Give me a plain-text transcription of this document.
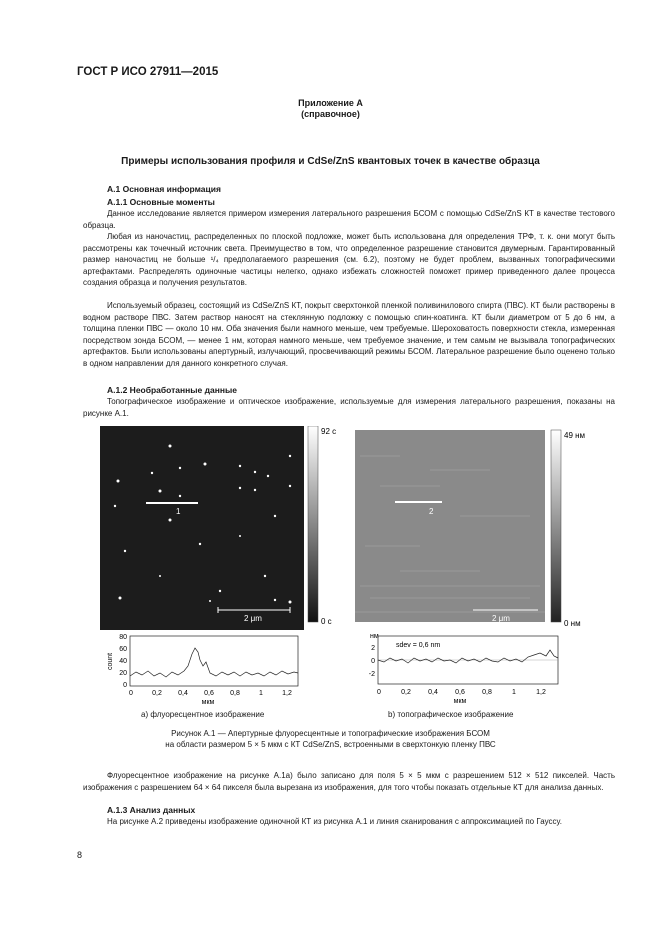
ГОСТ Р ИСО 27911—2015
Приложение А
(справочное)
Примеры использования профиля и CdSe/ZnS квантовых точек в качестве образца
А.1 Основная информация
А.1.1 Основные моменты
Данное исследование является примером измерения латерального разрешения БСОМ с помощью CdSe/ZnS КТ в качестве тестового образца.
Любая из наночастиц, распределенных по плоской подложке, может быть использована для определения ТРФ, т. к. они могут быть рассмотрены как точечный источник света. Преимущество в том, что определенное разрешение становится двумерным. Гарантированный размер наночастиц не больше ¹/₄ предполагаемого разрешения (см. 6.2), поэтому не будет проблем, вызванных топографическими артефактами. Распределять одиночные частицы нелегко, однако избежать сложностей поможет пример приведенного далее процесса создания образца и получения результатов.
Используемый образец, состоящий из CdSe/ZnS КТ, покрыт сверхтонкой пленкой поливинилового спирта (ПВС). КТ были растворены в водном растворе ПВС. Затем раствор наносят на стеклянную подложку с помощью спин-коатинга. КТ были диаметром от 5 до 6 нм, а толщина пленки ПВС — около 10 нм. Оба значения были намного меньше, чем требуемые. Шероховатость поверхности стекла, измеренная посредством зонда БСОМ, — менее 1 нм, которая намного меньше, чем требуемое значение, и тем самым не вызывала топографических артефактов. Были использованы апертурный, излучающий, просвечивающий режимы БСОМ. Латеральное разрешение было оценено только в одном направлении для данного конкретного случая.
А.1.2 Необработанные данные
Топографическое изображение и оптическое изображение, используемые для измерения латерального разрешения, показаны на рисунке А.1.
1
2 μm
92 c
0 c
count
80
60
40
20
0
0	0,2 0,4 0,6 0,8	1	1,2
мкм
2
2 μm
49 нм
0 нм
нм
sdev = 0,6 nm
2
0
-2
0	0,2 0,4 0,6 0,8	1	1,2
мкм
а) флуоресцентное изображение	b) топографическое изображение
Рисунок А.1 — Апертурные флуоресцентные и топографические изображения БСОМ
на области размером 5 × 5 мкм с КТ CdSe/ZnS, встроенными в сверхтонкую пленку ПВС
Флуоресцентное изображение на рисунке А.1а) было записано для поля 5 × 5 мкм с разрешением 512 × 512 пикселей. Часть изображения с разрешением 64 × 64 пикселя была вырезана из изображения, для того чтобы показать отдельные КТ для анализа данных.
А.1.3 Анализ данных
На рисунке А.2 приведены изображение одиночной КТ из рисунка А.1 и линия сканирования с аппроксимацией по Гауссу.
8
